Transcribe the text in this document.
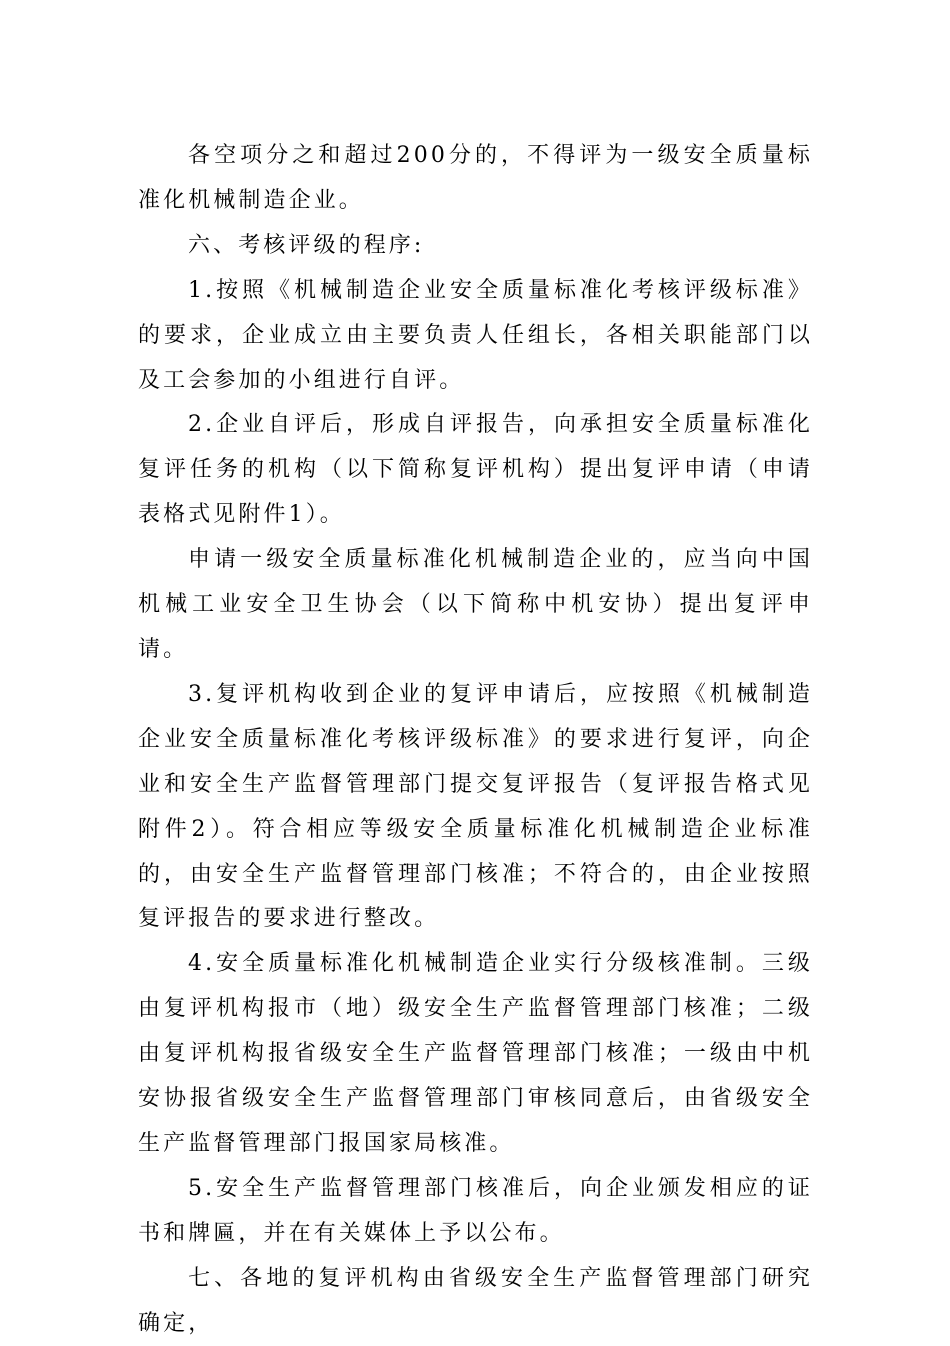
各空项分之和超过200分的，不得评为一级安全质量标准化机械制造企业。

六、考核评级的程序:

1.按照《机械制造企业安全质量标准化考核评级标准》的要求，企业成立由主要负责人任组长，各相关职能部门以及工会参加的小组进行自评。

2.企业自评后，形成自评报告，向承担安全质量标准化复评任务的机构（以下简称复评机构）提出复评申请（申请表格式见附件1）。

申请一级安全质量标准化机械制造企业的，应当向中国机械工业安全卫生协会（以下简称中机安协）提出复评申请。

3.复评机构收到企业的复评申请后，应按照《机械制造企业安全质量标准化考核评级标准》的要求进行复评，向企业和安全生产监督管理部门提交复评报告（复评报告格式见附件2）。符合相应等级安全质量标准化机械制造企业标准的，由安全生产监督管理部门核准；不符合的，由企业按照复评报告的要求进行整改。

4.安全质量标准化机械制造企业实行分级核准制。三级由复评机构报市（地）级安全生产监督管理部门核准；二级由复评机构报省级安全生产监督管理部门核准；一级由中机安协报省级安全生产监督管理部门审核同意后，由省级安全生产监督管理部门报国家局核准。

5.安全生产监督管理部门核准后，向企业颁发相应的证书和牌匾，并在有关媒体上予以公布。

七、各地的复评机构由省级安全生产监督管理部门研究确定，
